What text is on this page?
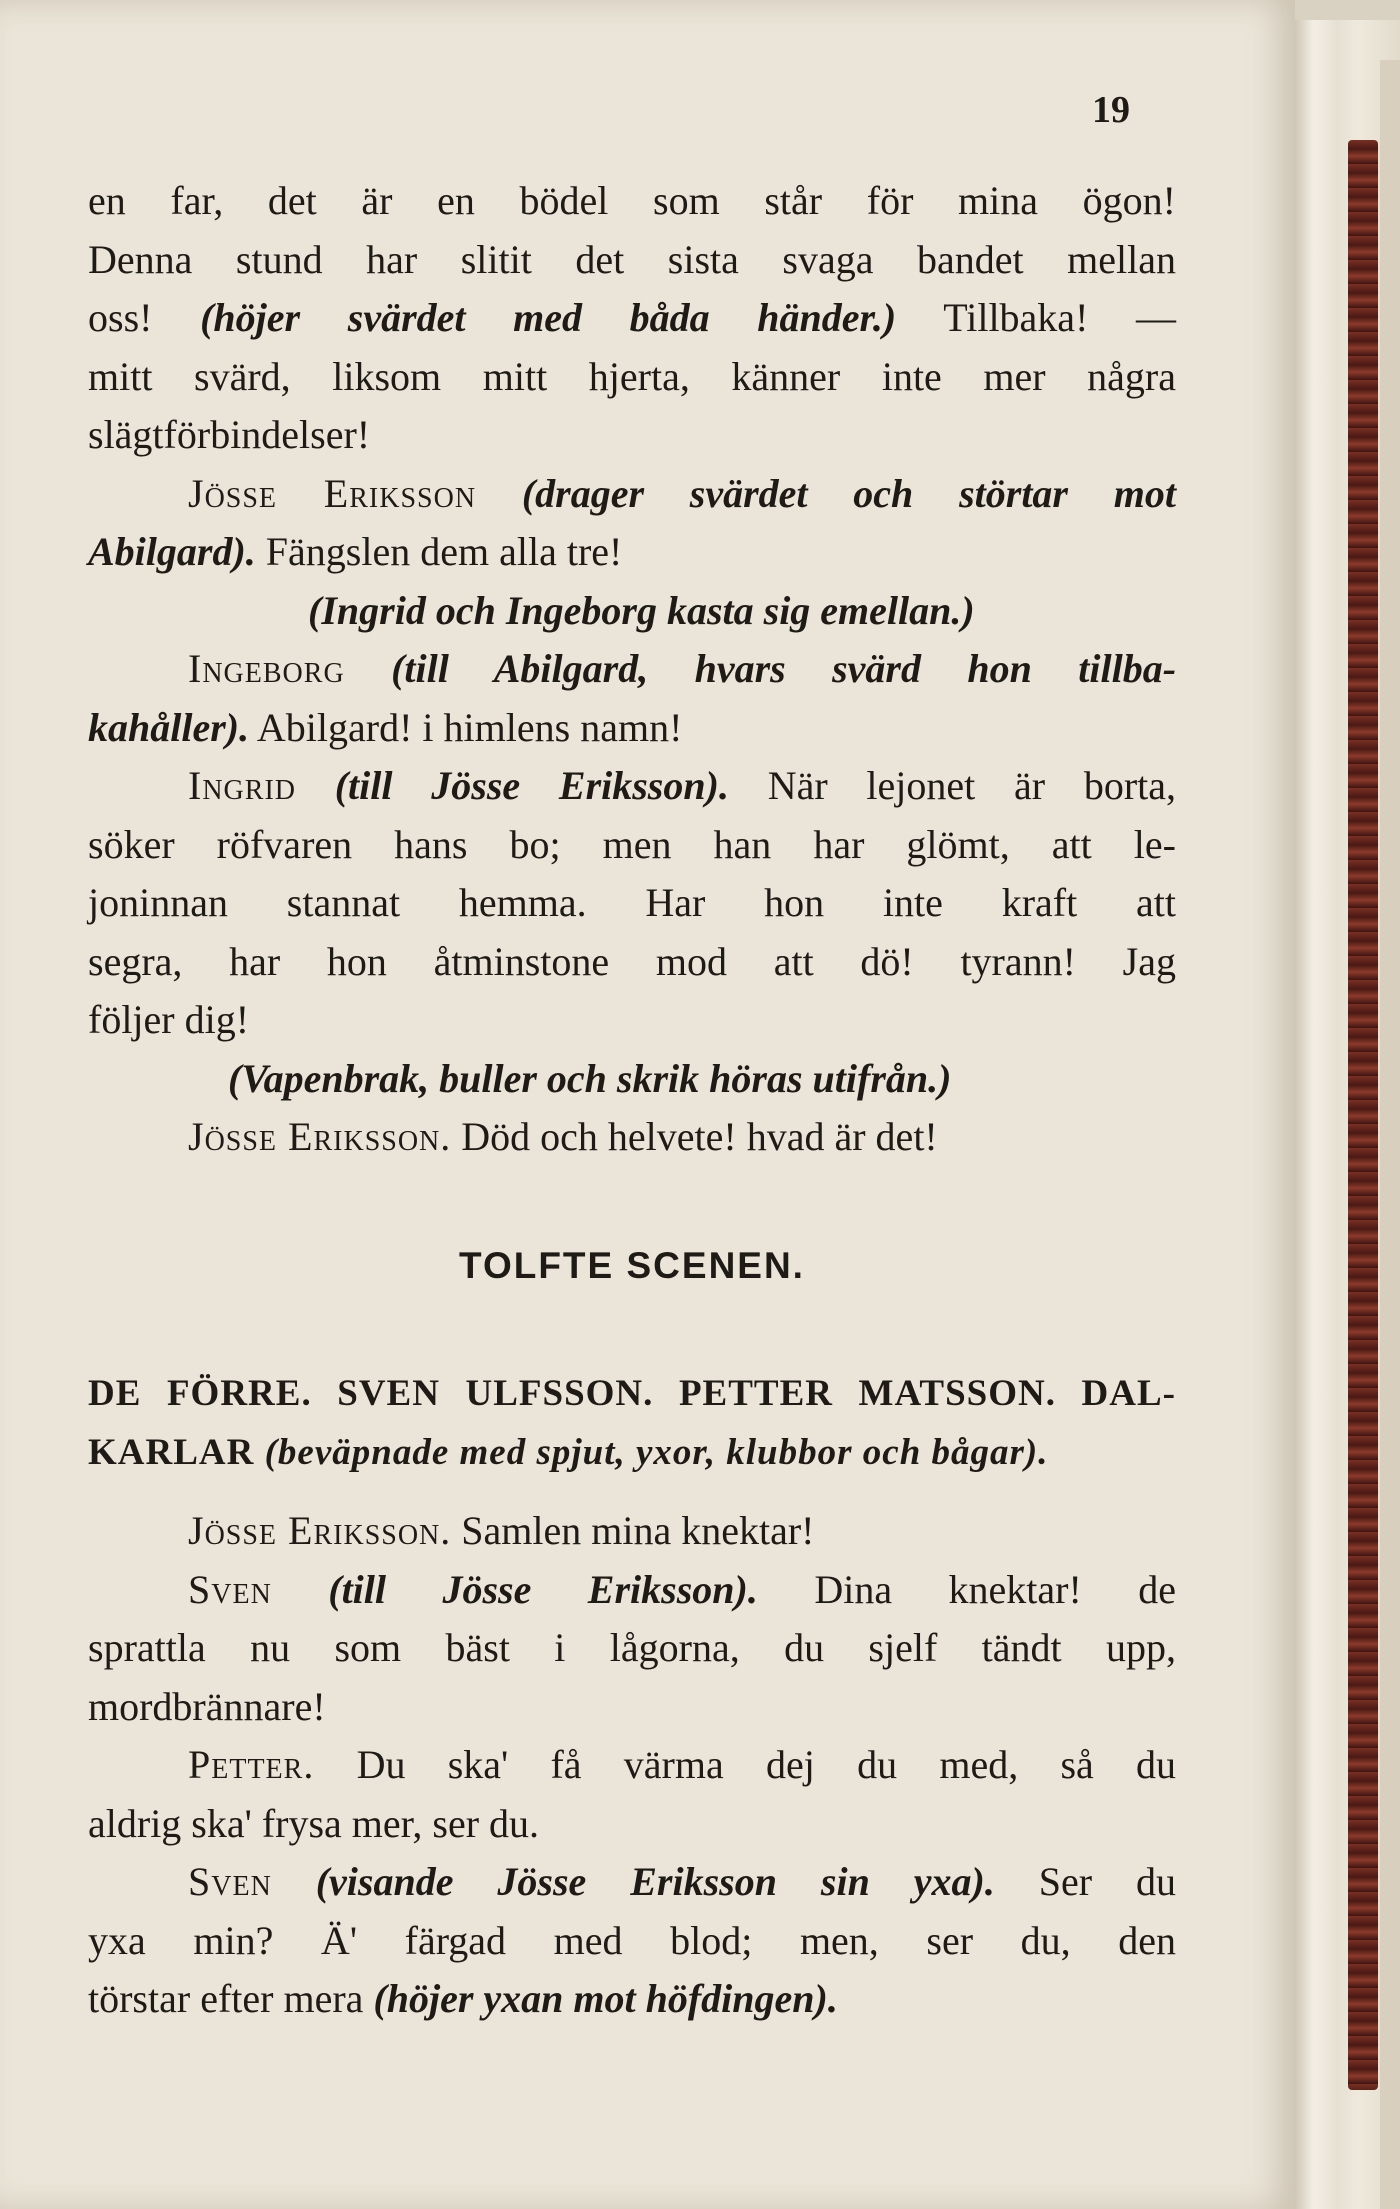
19
en far, det är en bödel som står för mina ögon!
Denna stund har slitit det sista svaga bandet mellan
oss! (höjer svärdet med båda händer.) Tillbaka! —
mitt svärd, liksom mitt hjerta, känner inte mer några
slägtförbindelser!
Jösse Eriksson (drager svärdet och störtar mot
Abilgard). Fängslen dem alla tre!
(Ingrid och Ingeborg kasta sig emellan.)
Ingeborg (till Abilgard, hvars svärd hon tillba-
kahåller). Abilgard! i himlens namn!
Ingrid (till Jösse Eriksson). När lejonet är borta,
söker röfvaren hans bo; men han har glömt, att le-
joninnan stannat hemma. Har hon inte kraft att
segra, har hon åtminstone mod att dö! tyrann! Jag
följer dig!
(Vapenbrak, buller och skrik höras utifrån.)
Jösse Eriksson. Död och helvete! hvad är det!
TOLFTE SCENEN.
DE FÖRRE. SVEN ULFSSON. PETTER MATSSON. DAL-
KARLAR (beväpnade med spjut, yxor, klubbor och bågar).
Jösse Eriksson. Samlen mina knektar!
Sven (till Jösse Eriksson). Dina knektar! de
sprattla nu som bäst i lågorna, du sjelf tändt upp,
mordbrännare!
Petter. Du ska' få värma dej du med, så du
aldrig ska' frysa mer, ser du.
Sven (visande Jösse Eriksson sin yxa). Ser du
yxa min? Ä' färgad med blod; men, ser du, den
törstar efter mera (höjer yxan mot höfdingen).
